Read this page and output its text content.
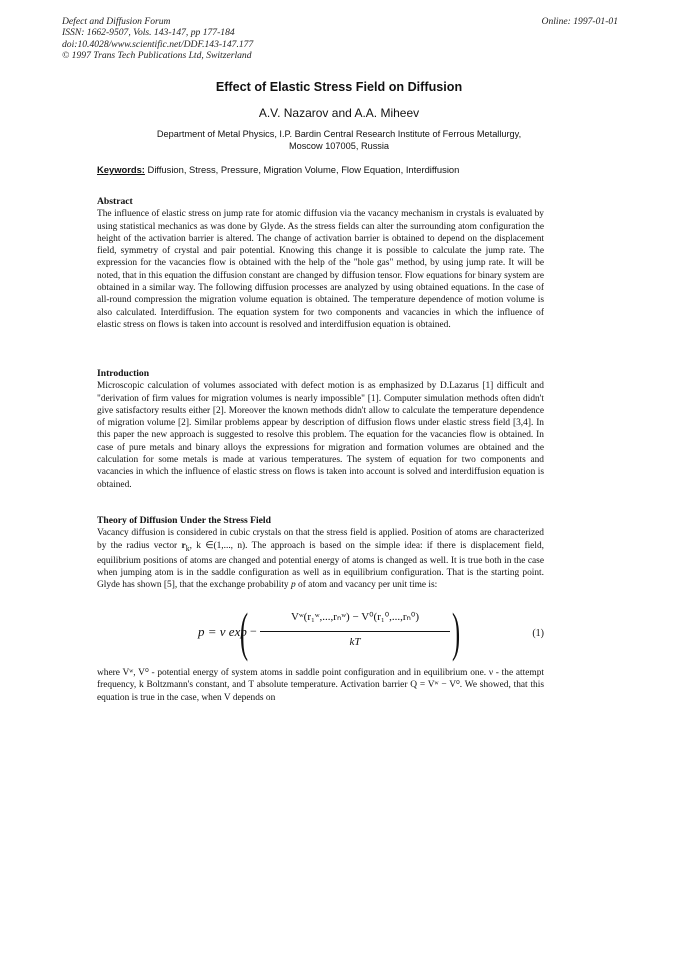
Defect and Diffusion Forum
ISSN: 1662-9507, Vols. 143-147, pp 177-184
doi:10.4028/www.scientific.net/DDF.143-147.177
© 1997 Trans Tech Publications Ltd, Switzerland
Online: 1997-01-01
Effect of Elastic Stress Field on Diffusion
A.V. Nazarov and A.A. Miheev
Department of Metal Physics, I.P. Bardin Central Research Institute of Ferrous Metallurgy,
Moscow 107005, Russia
Keywords: Diffusion, Stress, Pressure, Migration Volume, Flow Equation, Interdiffusion
Abstract

The influence of elastic stress on jump rate for atomic diffusion via the vacancy mechanism in crystals is evaluated by using statistical mechanics as was done by Glyde. As the stress fields can alter the surrounding atom configuration the height of the activation barrier is altered. The change of activation barrier is obtained to depend on the displacement field, symmetry of crystal and pair potential. Knowing this change it is possible to calculate the jump rate. The expression for the vacancies flow is obtained with the help of the "hole gas" method, by using jump rate. It will be noted, that in this equation the diffusion constant are changed by diffusion tensor. Flow equations for binary system are obtained in a similar way. The following diffusion processes are analyzed by using obtained equations. In the case of all-round compression the migration volume equation is obtained. The temperature dependence of motion volume is also calculated. Interdiffusion. The equation system for two components and vacancies in which the influence of elastic stress on flows is taken into account is resolved and interdiffusion equation is obtained.

Introduction

Microscopic calculation of volumes associated with defect motion is as emphasized by D.Lazarus [1] difficult and "derivation of firm values for migration volumes is nearly impossible" [1]. Computer simulation methods often didn't give satisfactory results either [2]. Moreover the known methods didn't allow to calculate the temperature dependence of migration volume [2]. Similar problems appear by description of diffusion flows under elastic stress field [3,4]. In this paper the new approach is suggested to resolve this problem. The equation for the vacancies flow is obtained. In case of pure metals and binary alloys the expressions for migration and formation volumes are obtained and the calculation for some metals is made at various temperatures. The system of equation for two components and vacancies in which the influence of elastic stress on flows is taken into account is solved and interdiffusion equation is obtained.

Theory of Diffusion Under the Stress Field

Vacancy diffusion is considered in cubic crystals on that the stress field is applied. Position of atoms are characterized by the radius vector $r_k$, k ∈(1,..., n). The approach is based on the simple idea: if there is displacement field, equilibrium positions of atoms are changed and potential energy of atoms is changed as well. It is true both in the case when jumping atom is in the saddle configuration as well as in equilibrium configuration. That is the starting point. Glyde has shown [5], that the exchange probability p of atom and vacancy per unit time is:

p = ν exp
( −
Vʷ(r₁ʷ,...,rₙʷ) − V⁰(r₁⁰,...,rₙ⁰)
kT	)	(1)

where Vʷ, V⁰ - potential energy of system atoms in saddle point configuration and in equilibrium one. ν - the attempt frequency, k Boltzmann's constant, and T absolute temperature. Activation barrier Q = Vʷ − V⁰. We showed, that this equation is true in the case, when V depends on
